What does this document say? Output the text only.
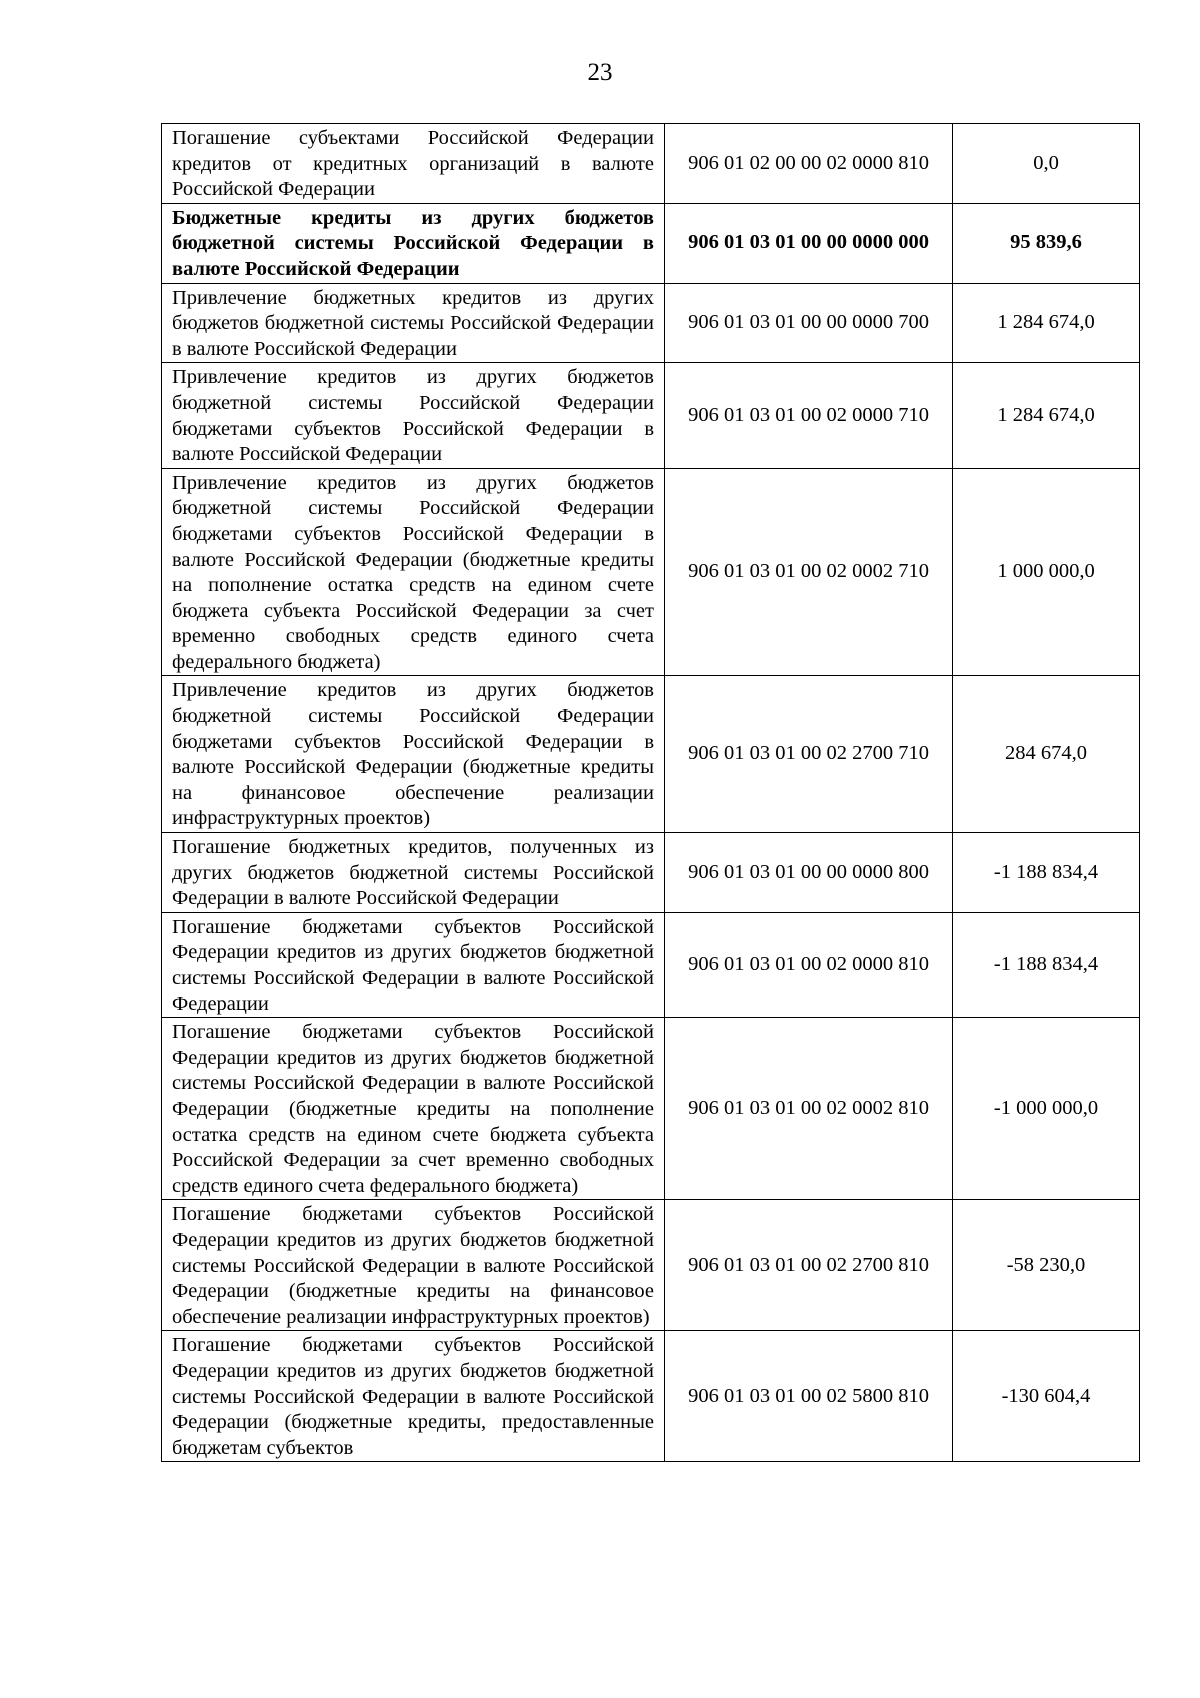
23
Погашение субъектами Российской Федерации кредитов от кредитных организаций в валюте Российской Федерации	906 01 02 00 00 02 0000 810	0,0
Бюджетные кредиты из других бюджетов бюджетной системы Российской Федерации в валюте Российской Федерации	906 01 03 01 00 00 0000 000	95 839,6
Привлечение бюджетных кредитов из других бюджетов бюджетной системы Российской Федерации в валюте Российской Федерации	906 01 03 01 00 00 0000 700	1 284 674,0
Привлечение кредитов из других бюджетов бюджетной системы Российской Федерации бюджетами субъектов Российской Федерации в валюте Российской Федерации	906 01 03 01 00 02 0000 710	1 284 674,0
Привлечение кредитов из других бюджетов бюджетной системы Российской Федерации бюджетами субъектов Российской Федерации в валюте Российской Федерации (бюджетные кредиты на пополнение остатка средств на едином счете бюджета субъекта Российской Федерации за счет временно свободных средств единого счета федерального бюджета)	906 01 03 01 00 02 0002 710	1 000 000,0
Привлечение кредитов из других бюджетов бюджетной системы Российской Федерации бюджетами субъектов Российской Федерации в валюте Российской Федерации (бюджетные кредиты на финансовое обеспечение реализации инфраструктурных проектов)	906 01 03 01 00 02 2700 710	284 674,0
Погашение бюджетных кредитов, полученных из других бюджетов бюджетной системы Российской Федерации в валюте Российской Федерации	906 01 03 01 00 00 0000 800	-1 188 834,4
Погашение бюджетами субъектов Российской Федерации кредитов из других бюджетов бюджетной системы Российской Федерации в валюте Российской Федерации	906 01 03 01 00 02 0000 810	-1 188 834,4
Погашение бюджетами субъектов Российской Федерации кредитов из других бюджетов бюджетной системы Российской Федерации в валюте Российской Федерации (бюджетные кредиты на пополнение остатка средств на едином счете бюджета субъекта Российской Федерации за счет временно свободных средств единого счета федерального бюджета)	906 01 03 01 00 02 0002 810	-1 000 000,0
Погашение бюджетами субъектов Российской Федерации кредитов из других бюджетов бюджетной системы Российской Федерации в валюте Российской Федерации (бюджетные кредиты на финансовое обеспечение реализации инфраструктурных проектов)	906 01 03 01 00 02 2700 810	-58 230,0
Погашение бюджетами субъектов Российской Федерации кредитов из других бюджетов бюджетной системы Российской Федерации в валюте Российской Федерации (бюджетные кредиты, предоставленные бюджетам субъектов	906 01 03 01 00 02 5800 810	-130 604,4
